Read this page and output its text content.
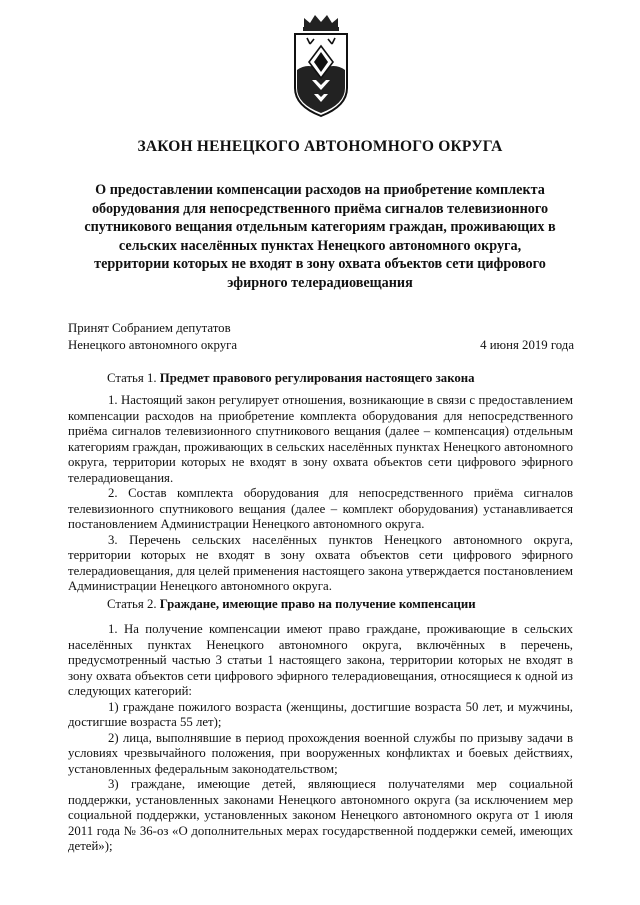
ЗАКОН НЕНЕЦКОГО АВТОНОМНОГО ОКРУГА
О предоставлении компенсации расходов на приобретение комплекта
оборудования для непосредственного приёма сигналов телевизионного
спутникового вещания отдельным категориям граждан, проживающих в
сельских населённых пунктах Ненецкого автономного округа,
территории которых не входят в зону охвата объектов сети цифрового
эфирного телерадиовещания
Принят Собранием депутатов
Ненецкого автономного округа	4 июня 2019 года
Статья 1. Предмет правового регулирования настоящего закона

1. Настоящий закон регулирует отношения, возникающие в связи с предоставлением компенсации расходов на приобретение комплекта оборудования для непосредственного приёма сигналов телевизионного спутникового вещания (далее – компенсация) отдельным категориям граждан, проживающих в сельских населённых пунктах Ненецкого автономного округа, территории которых не входят в зону охвата объектов сети цифрового эфирного телерадиовещания.

2. Состав комплекта оборудования для непосредственного приёма сигналов телевизионного спутникового вещания (далее – комплект оборудования) устанавливается постановлением Администрации Ненецкого автономного округа.

3. Перечень сельских населённых пунктов Ненецкого автономного округа, территории которых не входят в зону охвата объектов сети цифрового эфирного телерадиовещания, для целей применения настоящего закона утверждается постановлением Администрации Ненецкого автономного округа.

Статья 2. Граждане, имеющие право на получение компенсации

1. На получение компенсации имеют право граждане, проживающие в сельских населённых пунктах Ненецкого автономного округа, включённых в перечень, предусмотренный частью 3 статьи 1 настоящего закона, территории которых не входят в зону охвата объектов сети цифрового эфирного телерадиовещания, относящиеся к одной из следующих категорий:

1) граждане пожилого возраста (женщины, достигшие возраста 50 лет, и мужчины, достигшие возраста 55 лет);

2) лица, выполнявшие в период прохождения военной службы по призыву задачи в условиях чрезвычайного положения, при вооруженных конфликтах и боевых действиях, установленных федеральным законодательством;

3) граждане, имеющие детей, являющиеся получателями мер социальной поддержки, установленных законами Ненецкого автономного округа (за исключением мер социальной поддержки, установленных законом Ненецкого автономного округа от 1 июля 2011 года № 36-оз «О дополнительных мерах государственной поддержки семей, имеющих детей»);
